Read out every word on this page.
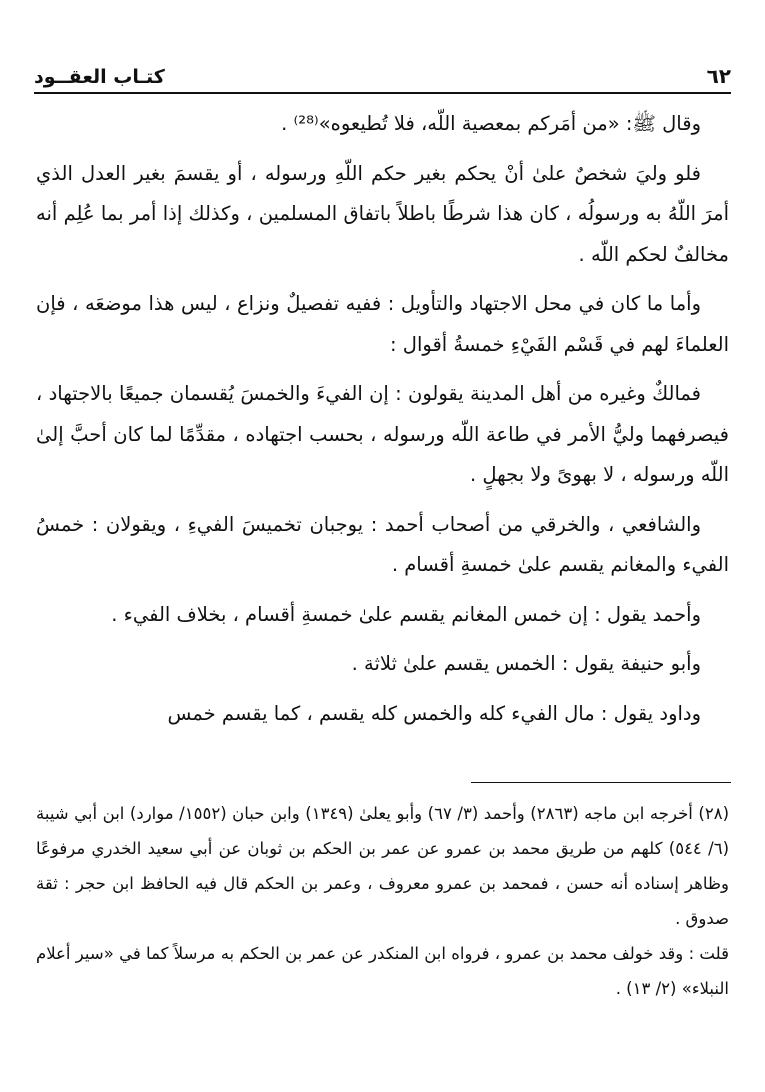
٦٢
كتـاب العقــود

وقال ﷺ: «من أمَركم بمعصية اللّه، فلا تُطيعوه»⁽²⁸⁾ .

فلو وليَ شخصٌ علىٰ أنْ يحكم بغير حكم اللّهِ ورسوله ، أو يقسمَ بغير العدل الذي أمرَ اللّهُ به ورسولُه ، كان هذا شرطًا باطلاً باتفاق المسلمين ، وكذلك إذا أمر بما عُلِم أنه مخالفٌ لحكم اللّه .

وأما ما كان في محل الاجتهاد والتأويل : ففيه تفصيلٌ ونزاع ، ليس هذا موضعَه ، فإن العلماءَ لهم في قَسْم الفَيْءِ خمسةُ أقوال :

فمالكٌ وغيره من أهل المدينة يقولون : إن الفيءَ والخمسَ يُقسمان جميعًا بالاجتهاد ، فيصرفهما وليُّ الأمر في طاعة اللّه ورسوله ، بحسب اجتهاده ، مقدِّمًا لما كان أحبَّ إلىٰ اللّه ورسوله ، لا بهوىً ولا بجهلٍ .

والشافعي ، والخرقي من أصحاب أحمد : يوجبان تخميسَ الفيءِ ، ويقولان : خمسُ الفيء والمغانم يقسم علىٰ خمسةِ أقسام .

وأحمد يقول : إن خمس المغانم يقسم علىٰ خمسةِ أقسام ، بخلاف الفيء .

وأبو حنيفة يقول : الخمس يقسم علىٰ ثلاثة .

وداود يقول : مال الفيء كله والخمس كله يقسم ، كما يقسم خمس

(٢٨) أخرجه ابن ماجه (٢٨٦٣) وأحمد (٣/ ٦٧) وأبو يعلىٰ (١٣٤٩) وابن حبان (١٥٥٢/ موارد) ابن أبي شيبة (٦/ ٥٤٤) كلهم من طريق محمد بن عمرو عن عمر بن الحكم بن ثوبان عن أبي سعيد الخدري مرفوعًا وظاهر إسناده أنه حسن ، فمحمد بن عمرو معروف ، وعمر بن الحكم قال فيه الحافظ ابن حجر : ثقة صدوق .

قلت : وقد خولف محمد بن عمرو ، فرواه ابن المنكدر عن عمر بن الحكم به مرسلاً كما في «سير أعلام النبلاء» (٢/ ١٣) .
